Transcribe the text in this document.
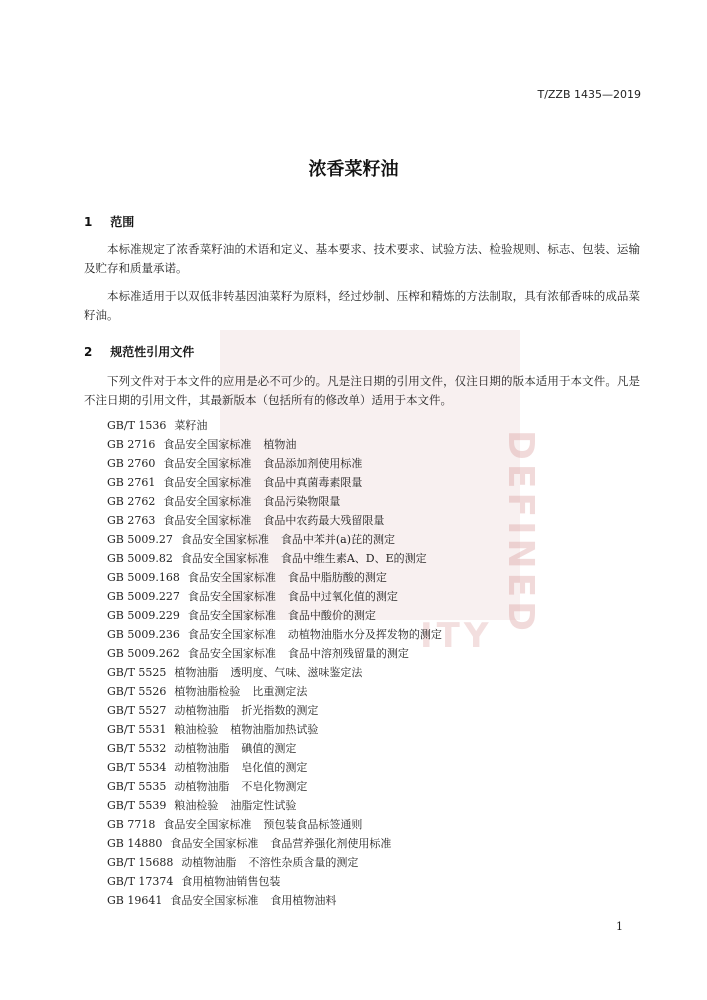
DEFINED
ITY
T/ZZB 1435—2019
浓香菜籽油
1 范围

本标准规定了浓香菜籽油的术语和定义、基本要求、技术要求、试验方法、检验规则、标志、包装、运输及贮存和质量承诺。

本标准适用于以双低非转基因油菜籽为原料，经过炒制、压榨和精炼的方法制取，具有浓郁香味的成品菜籽油。

2 规范性引用文件

下列文件对于本文件的应用是必不可少的。凡是注日期的引用文件，仅注日期的版本适用于本文件。凡是不注日期的引用文件，其最新版本（包括所有的修改单）适用于本文件。

GB/T 1536 菜籽油
GB 2716 食品安全国家标准 植物油
GB 2760 食品安全国家标准 食品添加剂使用标准
GB 2761 食品安全国家标准 食品中真菌毒素限量
GB 2762 食品安全国家标准 食品污染物限量
GB 2763 食品安全国家标准 食品中农药最大残留限量
GB 5009.27 食品安全国家标准 食品中苯并(a)芘的测定
GB 5009.82 食品安全国家标准 食品中维生素A、D、E的测定
GB 5009.168 食品安全国家标准 食品中脂肪酸的测定
GB 5009.227 食品安全国家标准 食品中过氧化值的测定
GB 5009.229 食品安全国家标准 食品中酸价的测定
GB 5009.236 食品安全国家标准 动植物油脂水分及挥发物的测定
GB 5009.262 食品安全国家标准 食品中溶剂残留量的测定
GB/T 5525 植物油脂 透明度、气味、滋味鉴定法
GB/T 5526 植物油脂检验 比重测定法
GB/T 5527 动植物油脂 折光指数的测定
GB/T 5531 粮油检验 植物油脂加热试验
GB/T 5532 动植物油脂 碘值的测定
GB/T 5534 动植物油脂 皂化值的测定
GB/T 5535 动植物油脂 不皂化物测定
GB/T 5539 粮油检验 油脂定性试验
GB 7718 食品安全国家标准 预包装食品标签通则
GB 14880 食品安全国家标准 食品营养强化剂使用标准
GB/T 15688 动植物油脂 不溶性杂质含量的测定
GB/T 17374 食用植物油销售包装
GB 19641 食品安全国家标准 食用植物油料
1
